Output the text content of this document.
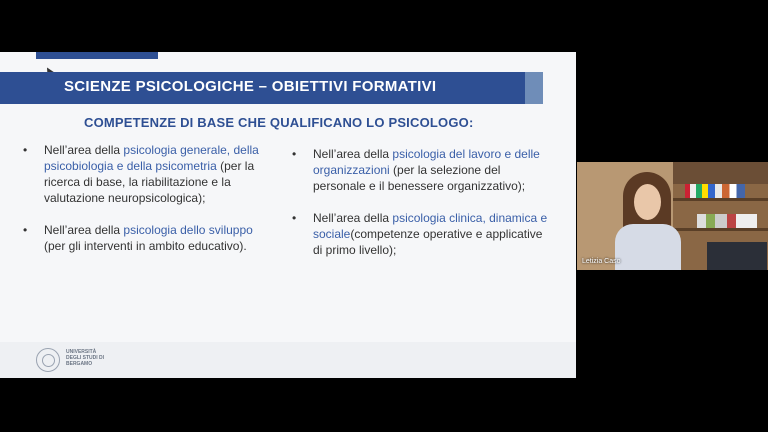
SCIENZE PSICOLOGICHE – OBIETTIVI FORMATIVI
COMPETENZE DI BASE CHE QUALIFICANO LO PSICOLOGO:
• Nell’area della psicologia generale, della psicobiologia e della psicometria (per la ricerca di base, la riabilitazione e la valutazione neuropsicologica);
• Nell’area della psicologia dello sviluppo (per gli interventi in ambito educativo).
• Nell’area della psicologia del lavoro e delle organizzazioni (per la selezione del personale e il benessere organizzativo);
• Nell’area della psicologia clinica, dinamica e sociale(competenze operative e applicative di primo livello);
UNIVERSITÀ DEGLI STUDI DI BERGAMO
Letizia Caso
